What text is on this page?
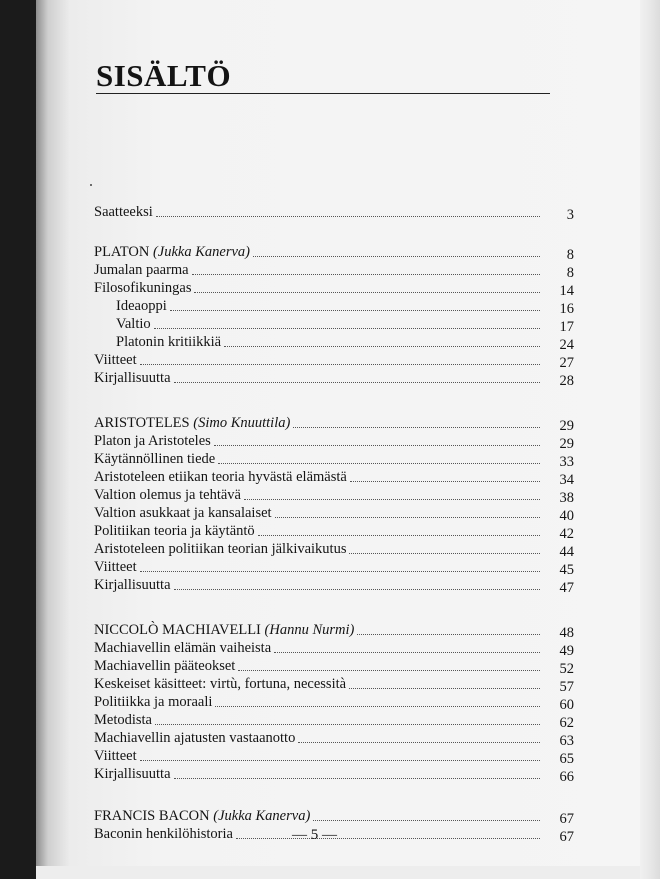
SISÄLTÖ
Saatteeksi	3
PLATON (Jukka Kanerva)	8
Jumalan paarma	8
Filosofikuningas	14
Ideaoppi	16
Valtio	17
Platonin kritiikkiä	24
Viitteet	27
Kirjallisuutta	28
ARISTOTELES (Simo Knuuttila)	29
Platon ja Aristoteles	29
Käytännöllinen tiede	33
Aristoteleen etiikan teoria hyvästä elämästä	34
Valtion olemus ja tehtävä	38
Valtion asukkaat ja kansalaiset	40
Politiikan teoria ja käytäntö	42
Aristoteleen politiikan teorian jälkivaikutus	44
Viitteet	45
Kirjallisuutta	47
NICCOLÒ MACHIAVELLI (Hannu Nurmi)	48
Machiavellin elämän vaiheista	49
Machiavellin pääteokset	52
Keskeiset käsitteet: virtù, fortuna, necessità	57
Politiikka ja moraali	60
Metodista	62
Machiavellin ajatusten vastaanotto	63
Viitteet	65
Kirjallisuutta	66
FRANCIS BACON (Jukka Kanerva)	67
Baconin henkilöhistoria	67
— 5 —
